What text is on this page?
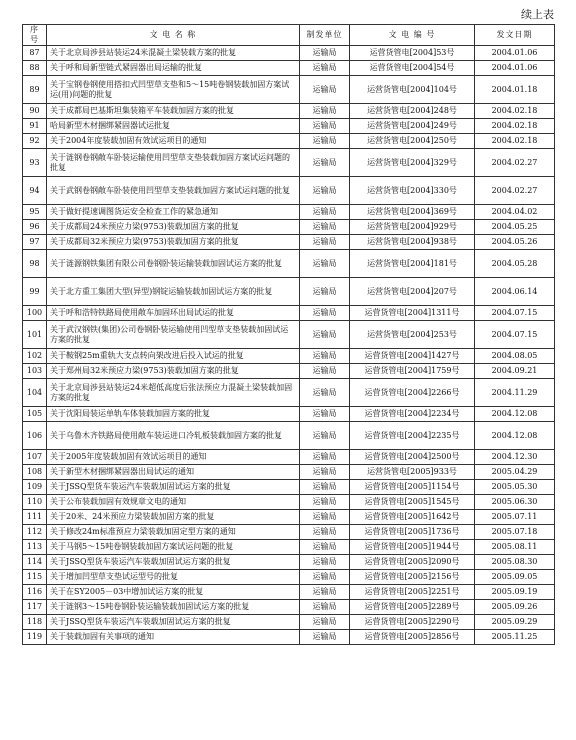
续上表
序号	文 电 名 称	制发单位	文 电 编 号	发文日期
87	关于北京局涉县站装运24米混凝土梁装载方案的批复	运输局	运营货管电[2004]53号	2004.01.06
88	关于呼和局新型链式紧固器出局运输的批复	运输局	运营货管电[2004]54号	2004.01.06
89	关于宝钢卷钢使用搭扣式凹型草支垫和5～15吨卷钢装载加固方案试运(用)问题的批复	运输局	运营货管电[2004]104号	2004.01.18
90	关于成都局巴基斯坦集装箱平车装载加固方案的批复	运输局	运营货管电[2004]248号	2004.02.18
91	哈局新型木材捆绑紧固器试运批复	运输局	运营货管电[2004]249号	2004.02.18
92	关于2004年度装载加固有效试运项目的通知	运输局	运营货管电[2004]250号	2004.02.18
93	关于涟钢卷钢敞车卧装运输使用凹型草支垫装载加固方案试运问题的批复	运输局	运营货管电[2004]329号	2004.02.27
94	关于武钢卷钢敞车卧装使用凹型草支垫装载加固方案试运问题的批复	运输局	运营货管电[2004]330号	2004.02.27
95	关于做好提速调图货运安全检查工作的紧急通知	运输局	运营货管电[2004]369号	2004.04.02
96	关于成都局24米预应力梁(9753)装载加固方案的批复	运输局	运营货管电[2004]929号	2004.05.25
97	关于成都局32米预应力梁(9753)装载加固方案的批复	运输局	运营货管电[2004]938号	2004.05.26
98	关于涟源钢铁集团有限公司卷钢卧装运输装载加固试运方案的批复	运输局	运营货管电[2004]181号	2004.05.28
99	关于北方重工集团大型(异型)钢锭运输装载加固试运方案的批复	运输局	运营货管电[2004]207号	2004.06.14
100	关于呼和浩特铁路局使用敞车加固环出局试运的批复	运输局	运营货管电[2004]1311号	2004.07.15
101	关于武汉钢铁(集团)公司卷钢卧装运输使用凹型草支垫装载加固试运方案的批复	运输局	运营货管电[2004]253号	2004.07.15
102	关于鞍钢25m重轨大支点转向架改进后投入试运的批复	运输局	运营货管电[2004]1427号	2004.08.05
103	关于郑州局32米预应力梁(9753)装载加固方案的批复	运输局	运营货管电[2004]1759号	2004.09.21
104	关于北京局涉县站装运24米超低高度后张法预应力混凝土梁装载加固方案的批复	运输局	运营货管电[2004]2266号	2004.11.29
105	关于沈阳局装运单轨车体装载加固方案的批复	运输局	运营货管电[2004]2234号	2004.12.08
106	关于乌鲁木齐铁路局使用敞车装运进口冷轧板装载加固方案的批复	运输局	运营货管电[2004]2235号	2004.12.08
107	关于2005年度装载加固有效试运项目的通知	运输局	运营货管电[2004]2500号	2004.12.30
108	关于新型木材捆绑紧固器出局试运的通知	运输局	运营货管电[2005]933号	2005.04.29
109	关于JSSQ型货车装运汽车装载加固试运方案的批复	运输局	运营货管电[2005]1154号	2005.05.30
110	关于公布装载加固有效规章文电的通知	运输局	运营货管电[2005]1545号	2005.06.30
111	关于20米、24米预应力梁装载加固方案的批复	运输局	运营货管电[2005]1642号	2005.07.11
112	关于修改24m标准预应力梁装载加固定型方案的通知	运输局	运营货管电[2005]1736号	2005.07.18
113	关于马钢5～15吨卷钢装载加固方案试运问题的批复	运输局	运营货管电[2005]1944号	2005.08.11
114	关于JSSQ型货车装运汽车装载加固试运方案的批复	运输局	运营货管电[2005]2090号	2005.08.30
115	关于增加凹型草支垫试运型号的批复	运输局	运营货管电[2005]2156号	2005.09.05
116	关于在SY2005－03中增加试运方案的批复	运输局	运营货管电[2005]2251号	2005.09.19
117	关于涟钢3～15吨卷钢卧装运输装载加固试运方案的批复	运输局	运营货管电[2005]2289号	2005.09.26
118	关于JSSQ型货车装运汽车装载加固试运方案的批复	运输局	运营货管电[2005]2290号	2005.09.29
119	关于装载加固有关事项的通知	运输局	运营货管电[2005]2856号	2005.11.25
